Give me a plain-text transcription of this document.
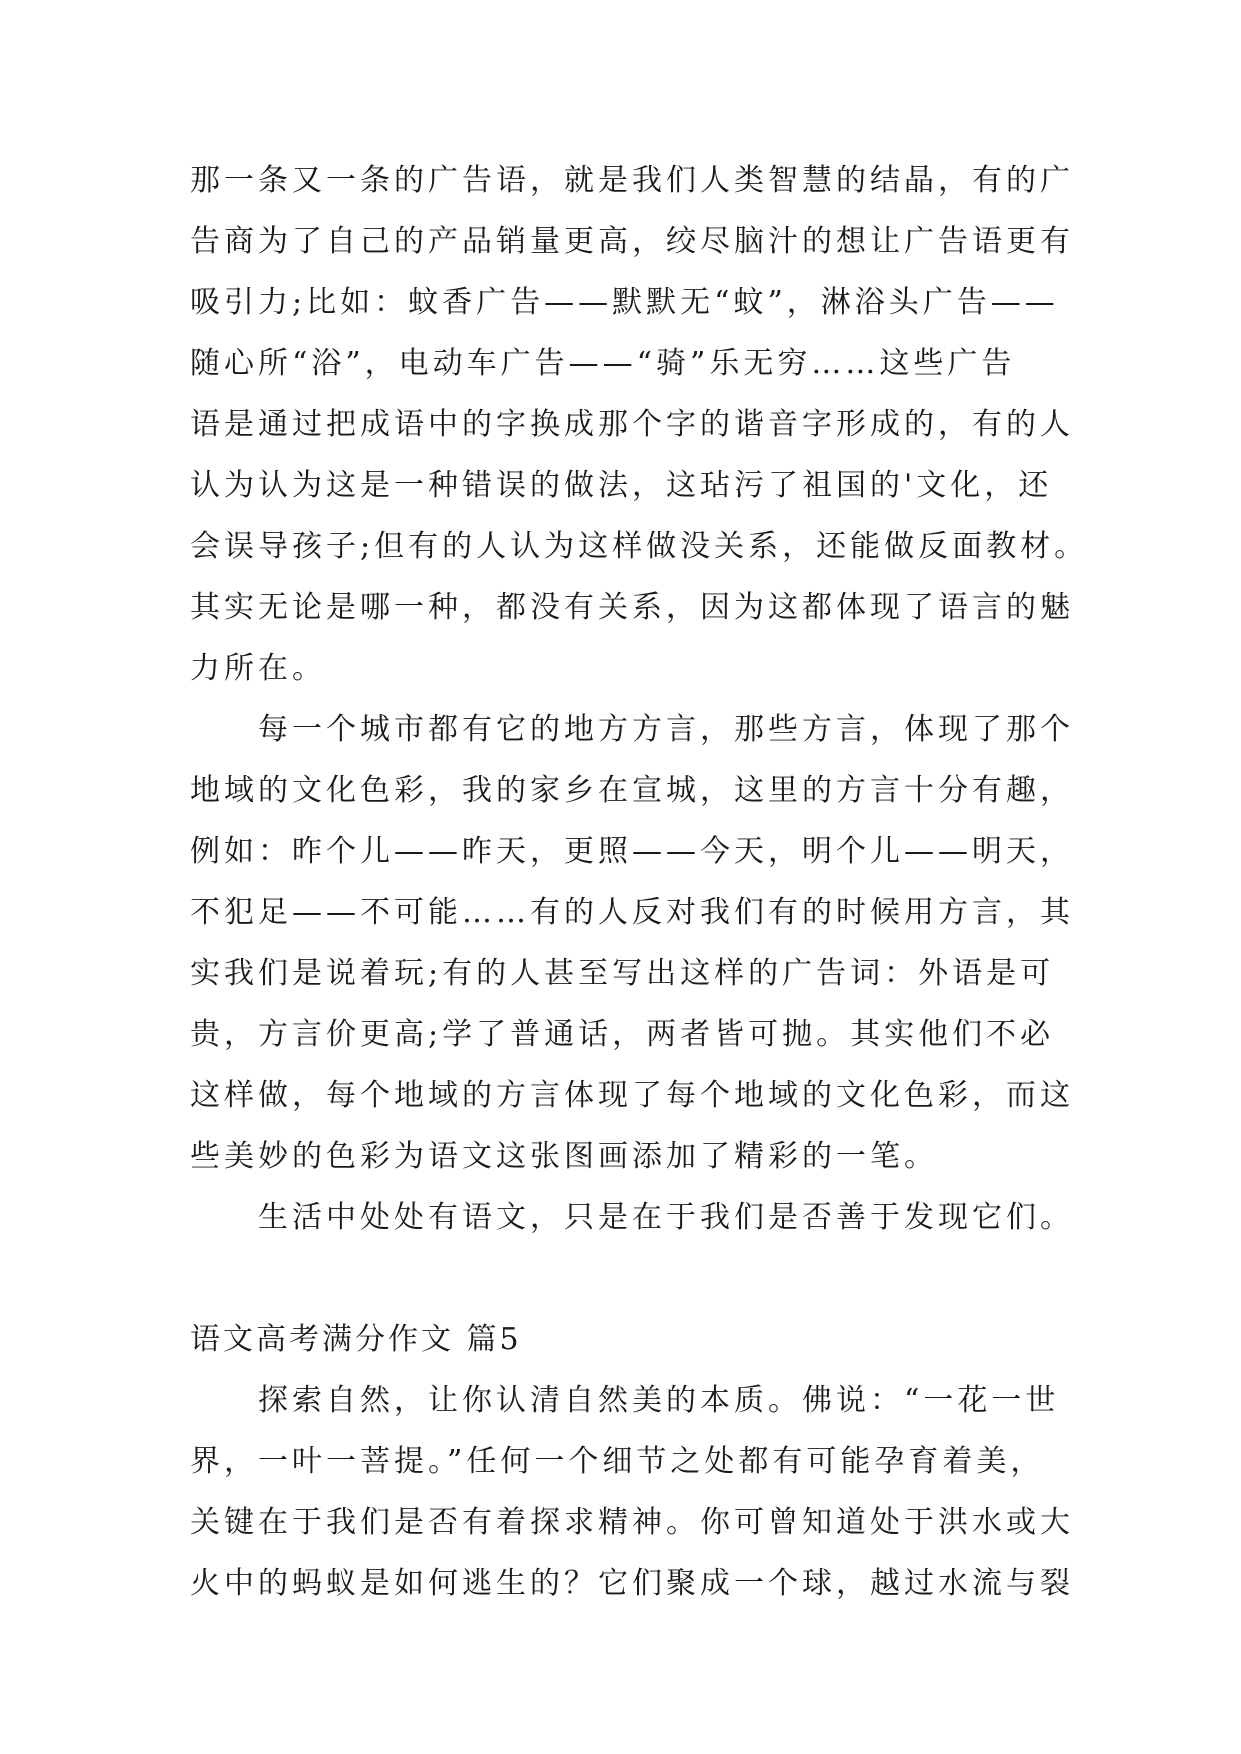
那一条又一条的广告语，就是我们人类智慧的结晶，有的广
告商为了自己的产品销量更高，绞尽脑汁的想让广告语更有
吸引力;比如：蚊香广告——默默无“蚊”，淋浴头广告——
随心所“浴”，电动车广告——“骑”乐无穷……这些广告
语是通过把成语中的字换成那个字的谐音字形成的，有的人
认为认为这是一种错误的做法，这玷污了祖国的'文化，还
会误导孩子;但有的人认为这样做没关系，还能做反面教材。
其实无论是哪一种，都没有关系，因为这都体现了语言的魅
力所在。
每一个城市都有它的地方方言，那些方言，体现了那个
地域的文化色彩，我的家乡在宣城，这里的方言十分有趣，
例如：昨个儿——昨天，更照——今天，明个儿——明天，
不犯足——不可能……有的人反对我们有的时候用方言，其
实我们是说着玩;有的人甚至写出这样的广告词：外语是可
贵，方言价更高;学了普通话，两者皆可抛。其实他们不必
这样做，每个地域的方言体现了每个地域的文化色彩，而这
些美妙的色彩为语文这张图画添加了精彩的一笔。
生活中处处有语文，只是在于我们是否善于发现它们。
语文高考满分作文 篇5
探索自然，让你认清自然美的本质。佛说：“一花一世
界，一叶一菩提。”任何一个细节之处都有可能孕育着美，
关键在于我们是否有着探求精神。你可曾知道处于洪水或大
火中的蚂蚁是如何逃生的？它们聚成一个球，越过水流与裂
